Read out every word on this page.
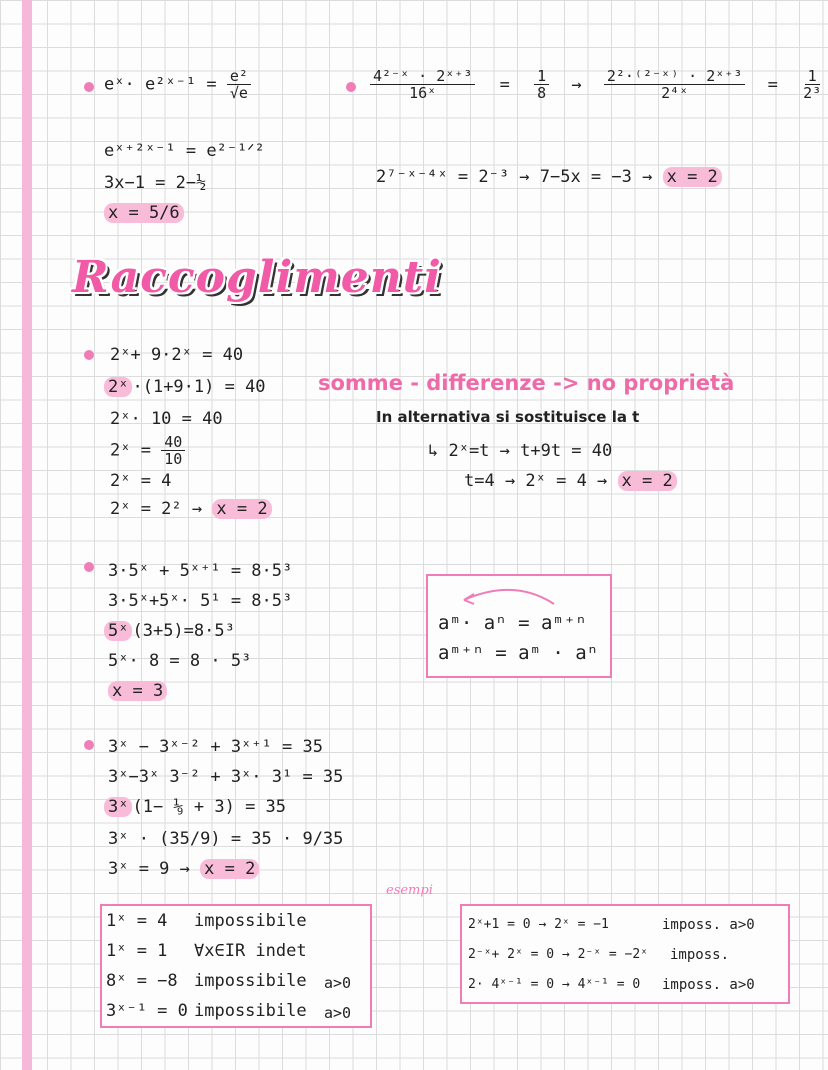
eˣ· e²ˣ⁻¹ = $\frac{\text{e²}}{√e}$
eˣ⁺²ˣ⁻¹ = e²⁻¹ᐟ²
3x−1 = 2−½
x = 5/6
$\frac{\text{4²⁻ˣ · 2ˣ⁺³}}{\text{16ˣ}} = \frac{1}{8} \to \frac{\text{2²·⁽²⁻ˣ⁾ · 2ˣ⁺³}}{\text{2⁴ˣ}} = \frac{1}{\text{2³}}$
2⁷⁻ˣ⁻⁴ˣ = 2⁻³ → 7−5x = −3 → x = 2
Raccoglimenti
2ˣ+ 9·2ˣ = 40
2ˣ ·(1+9·1) = 40
2ˣ· 10 = 40
2ˣ = $\frac{40}{10}$
2ˣ = 4
2ˣ = 2² → x = 2
somme - differenze -> no proprietà
In alternativa si sostituisce la t
↳ 2ˣ=t → t+9t = 40
t=4 → 2ˣ = 4 → x = 2
3·5ˣ + 5ˣ⁺¹ = 8·5³
3·5ˣ+5ˣ· 5¹ = 8·5³
5ˣ (3+5)=8·5³
5ˣ· 8 = 8 · 5³
x = 3
aᵐ· aⁿ = aᵐ⁺ⁿ
aᵐ⁺ⁿ = aᵐ · aⁿ
3ˣ − 3ˣ⁻² + 3ˣ⁺¹ = 35
3ˣ−3ˣ 3⁻² + 3ˣ· 3¹ = 35
3ˣ (1− ⅑ + 3) = 35
3ˣ · (35/9) = 35 · 9/35
3ˣ = 9 → x = 2
esempi
1ˣ = 4 impossibile
1ˣ = 1 ∀x∈IR indet
8ˣ = −8 impossibile a>0
3ˣ⁻¹ = 0 impossibile a>0
2ˣ+1 = 0 → 2ˣ = −1	imposs. a>0
2⁻ˣ+ 2ˣ = 0 → 2⁻ˣ = −2ˣ imposs.
2· 4ˣ⁻¹ = 0 → 4ˣ⁻¹ = 0 imposs. a>0
